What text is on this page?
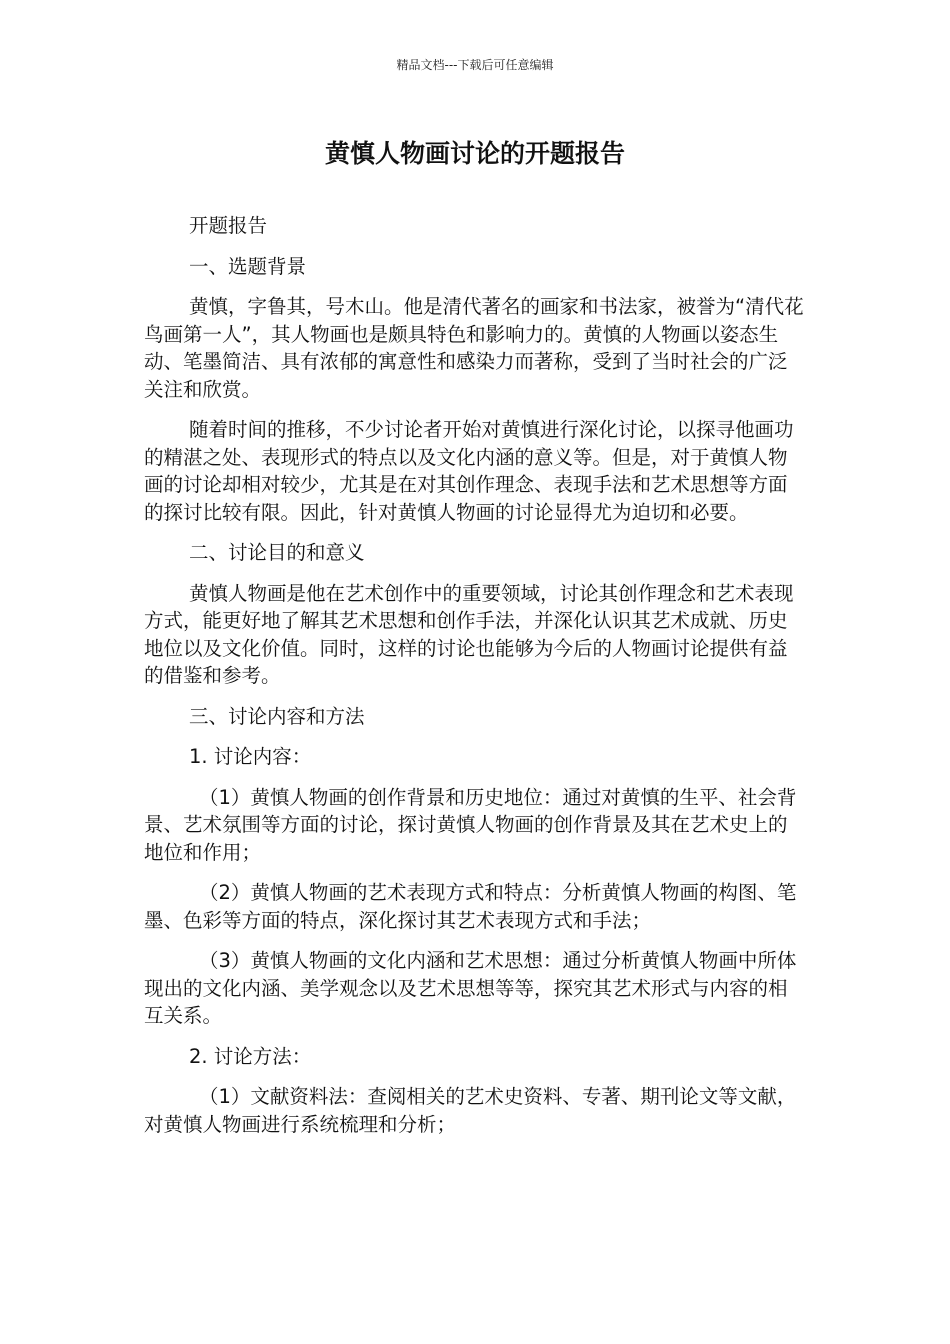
精品文档---下载后可任意编辑
黄慎人物画讨论的开题报告

开题报告

一、选题背景

黄慎，字鲁其，号木山。他是清代著名的画家和书法家，被誉为“清代花鸟画第一人”，其人物画也是颇具特色和影响力的。黄慎的人物画以姿态生动、笔墨简洁、具有浓郁的寓意性和感染力而著称，受到了当时社会的广泛关注和欣赏。

随着时间的推移，不少讨论者开始对黄慎进行深化讨论，以探寻他画功的精湛之处、表现形式的特点以及文化内涵的意义等。但是，对于黄慎人物画的讨论却相对较少，尤其是在对其创作理念、表现手法和艺术思想等方面的探讨比较有限。因此，针对黄慎人物画的讨论显得尤为迫切和必要。

二、讨论目的和意义

黄慎人物画是他在艺术创作中的重要领域，讨论其创作理念和艺术表现方式，能更好地了解其艺术思想和创作手法，并深化认识其艺术成就、历史地位以及文化价值。同时，这样的讨论也能够为今后的人物画讨论提供有益的借鉴和参考。

三、讨论内容和方法

1. 讨论内容：

（1）黄慎人物画的创作背景和历史地位：通过对黄慎的生平、社会背景、艺术氛围等方面的讨论，探讨黄慎人物画的创作背景及其在艺术史上的地位和作用；

（2）黄慎人物画的艺术表现方式和特点：分析黄慎人物画的构图、笔墨、色彩等方面的特点，深化探讨其艺术表现方式和手法；

（3）黄慎人物画的文化内涵和艺术思想：通过分析黄慎人物画中所体现出的文化内涵、美学观念以及艺术思想等等，探究其艺术形式与内容的相互关系。

2. 讨论方法：

（1）文献资料法：查阅相关的艺术史资料、专著、期刊论文等文献，对黄慎人物画进行系统梳理和分析；
